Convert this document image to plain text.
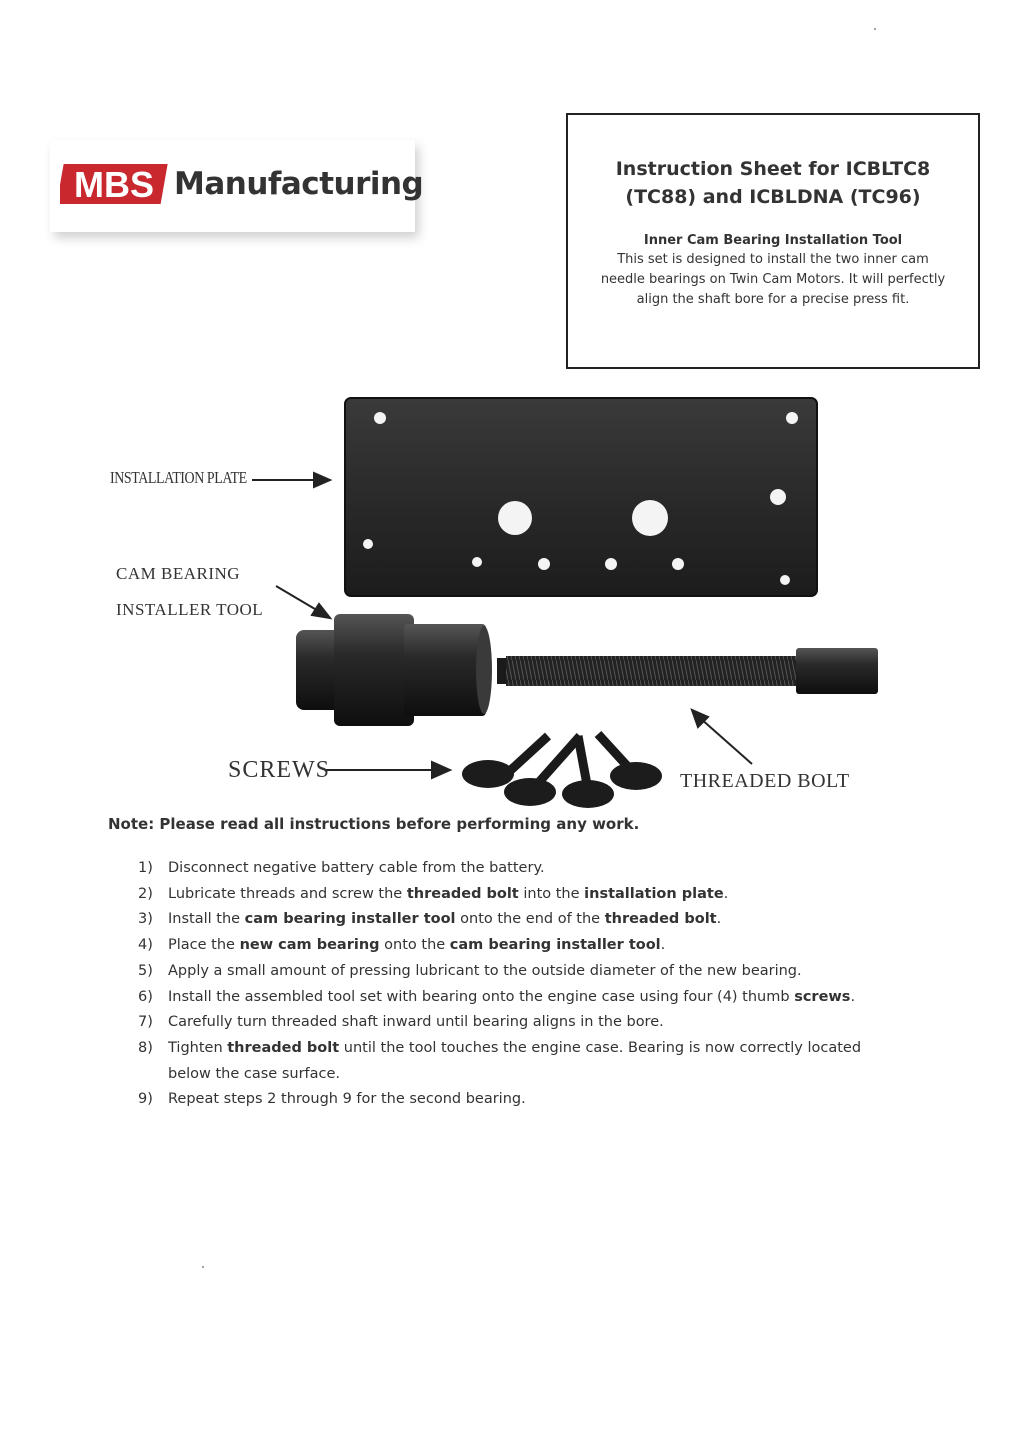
MBS Manufacturing	Instruction Sheet for ICBLTC8
(TC88) and ICBLDNA (TC96)
Inner Cam Bearing Installation Tool
This set is designed to install the two inner cam needle bearings on Twin Cam Motors. It will perfectly align the shaft bore for a precise press fit.
INSTALLATION PLATE
CAM BEARING
INSTALLER TOOL
SCREWS	THREADED BOLT
Note: Please read all instructions before performing any work.
1) Disconnect negative battery cable from the battery.
2) Lubricate threads and screw the threaded bolt into the installation plate.
3) Install the cam bearing installer tool onto the end of the threaded bolt.
4) Place the new cam bearing onto the cam bearing installer tool.
5) Apply a small amount of pressing lubricant to the outside diameter of the new bearing.
6) Install the assembled tool set with bearing onto the engine case using four (4) thumb screws.
7) Carefully turn threaded shaft inward until bearing aligns in the bore.
8) Tighten threaded bolt until the tool touches the engine case. Bearing is now correctly located below the case surface.
9) Repeat steps 2 through 9 for the second bearing.
